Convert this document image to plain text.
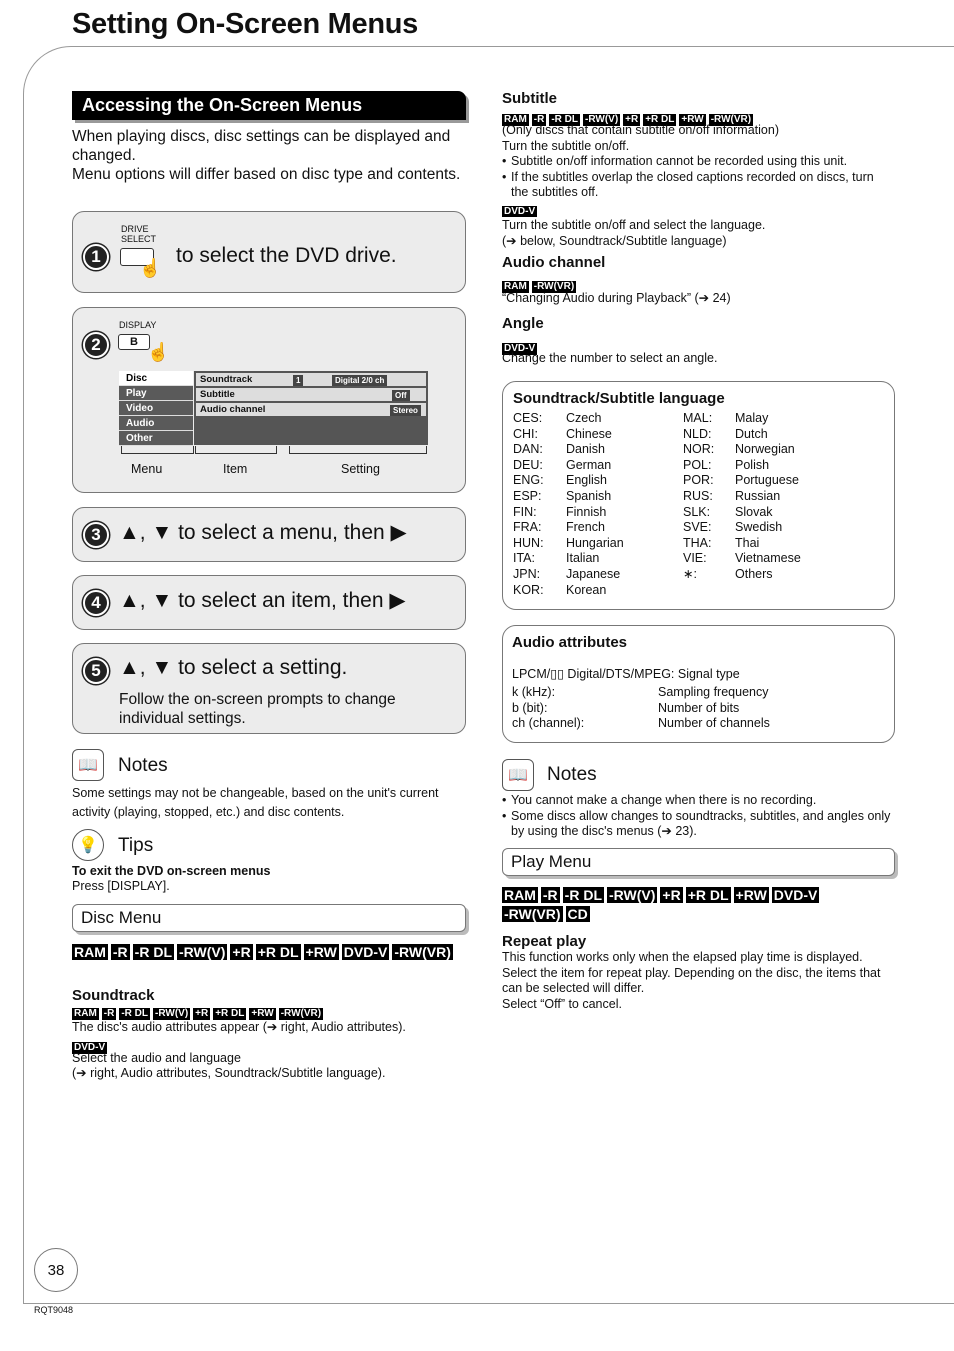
Setting On-Screen Menus
Accessing the On-Screen Menus
When playing discs, disc settings can be displayed and changed.
Menu options will differ based on disc type and contents.
1
DRIVE
SELECT
☝
to select the DVD drive.
2
DISPLAY
B ☝
Disc
Play
Video
Audio
Other
Soundtrack	1	Digital 2/0 ch
Subtitle	Off
Audio channel	Stereo
Menu	Item	Setting
3 ▲, ▼ to select a menu, then ▶
4 ▲, ▼ to select an item, then ▶
5 ▲, ▼ to select a setting.
Follow the on-screen prompts to change individual settings.
📖	Notes
Some settings may not be changeable, based on the unit's current activity (playing, stopped, etc.) and disc contents.
💡	Tips
To exit the DVD on-screen menus
Press [DISPLAY].
Disc Menu
RAM -R -R DL -RW(V) +R +R DL +RW DVD-V -RW(VR)
Soundtrack
RAM -R -R DL -RW(V) +R +R DL +RW -RW(VR)
The disc's audio attributes appear (➔ right, Audio attributes).
DVD-V
Select the audio and language
(➔ right, Audio attributes, Soundtrack/Subtitle language).
Subtitle
RAM -R -R DL -RW(V) +R +R DL +RW -RW(VR)
(Only discs that contain subtitle on/off information)
Turn the subtitle on/off.
• Subtitle on/off information cannot be recorded using this unit.
• If the subtitles overlap the closed captions recorded on discs, turn the subtitles off.
DVD-V
Turn the subtitle on/off and select the language.
(➔ below, Soundtrack/Subtitle language)
Audio channel
RAM -RW(VR)
“Changing Audio during Playback” (➔ 24)
Angle
DVD-V
Change the number to select an angle.
Soundtrack/Subtitle language
CES:	Czech
CHI:	Chinese
DAN:	Danish
DEU:	German
ENG:	English
ESP:	Spanish
FIN:	Finnish
FRA:	French
HUN:	Hungarian
ITA:	Italian
JPN:	Japanese
KOR:	Korean
MAL:	Malay
NLD:	Dutch
NOR:	Norwegian
POL:	Polish
POR:	Portuguese
RUS:	Russian
SLK:	Slovak
SVE:	Swedish
THA:	Thai
VIE:	Vietnamese
∗:	Others
Audio attributes
LPCM/▯▯ Digital/DTS/MPEG: Signal type
k (kHz):	Sampling frequency
b (bit):	Number of bits
ch (channel):	Number of channels
📖	Notes
• You cannot make a change when there is no recording.
• Some discs allow changes to soundtracks, subtitles, and angles only by using the disc's menus (➔ 23).
Play Menu
RAM -R -R DL -RW(V) +R +R DL +RW DVD-V-RW(VR) CD
Repeat play
This function works only when the elapsed play time is displayed. Select the item for repeat play. Depending on the disc, the items that can be selected will differ.
Select “Off” to cancel.
38
RQT9048
